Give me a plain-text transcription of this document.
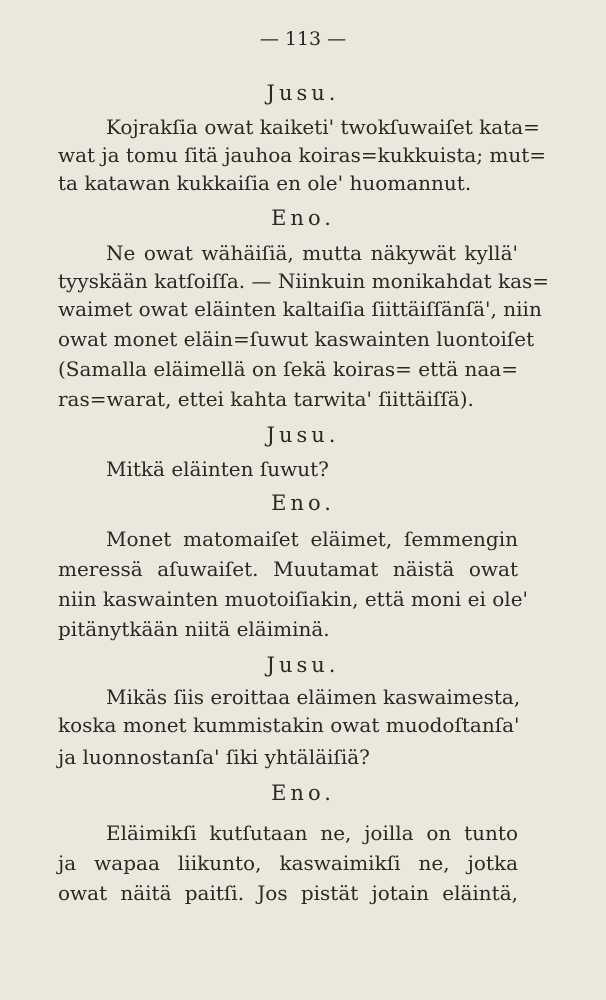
— 113 —
Jusu.
Kojrakſia owat kaiketi' twokſuwaiſet kata=
wat ja tomu ſitä jauhoa koiras=kukkuista; mut=
ta katawan kukkaiſia en ole' huomannut.
Eno.
Ne owat wähäiſiä, mutta näkywät kyllä'
tyyskään katſoiſſa. — Niinkuin monikahdat kas=
waimet owat eläinten kaltaiſia ſiittäiſſänſä', niin
owat monet eläin=ſuwut kaswainten luontoiſet
(Samalla eläimellä on ſekä koiras= että naa=
ras=warat, ettei kahta tarwita' ſiittäiſſä).
Jusu.
Mitkä eläinten ſuwut?
Eno.
Monet matomaiſet eläimet, ſemmengin
meressä aſuwaiſet. Muutamat näistä owat
niin kaswainten muotoiſiakin, että moni ei ole'
pitänytkään niitä eläiminä.
Jusu.
Mikäs ſiis eroittaa eläimen kaswaimesta,
koska monet kummistakin owat muodoſtanſa'
ja luonnostanſa' ſiki yhtäläiſiä?
Eno.
Eläimikſi kutſutaan ne, joilla on tunto
ja wapaa liikunto, kaswaimikſi ne, jotka
owat näitä paitſi. Jos pistät jotain eläintä,
